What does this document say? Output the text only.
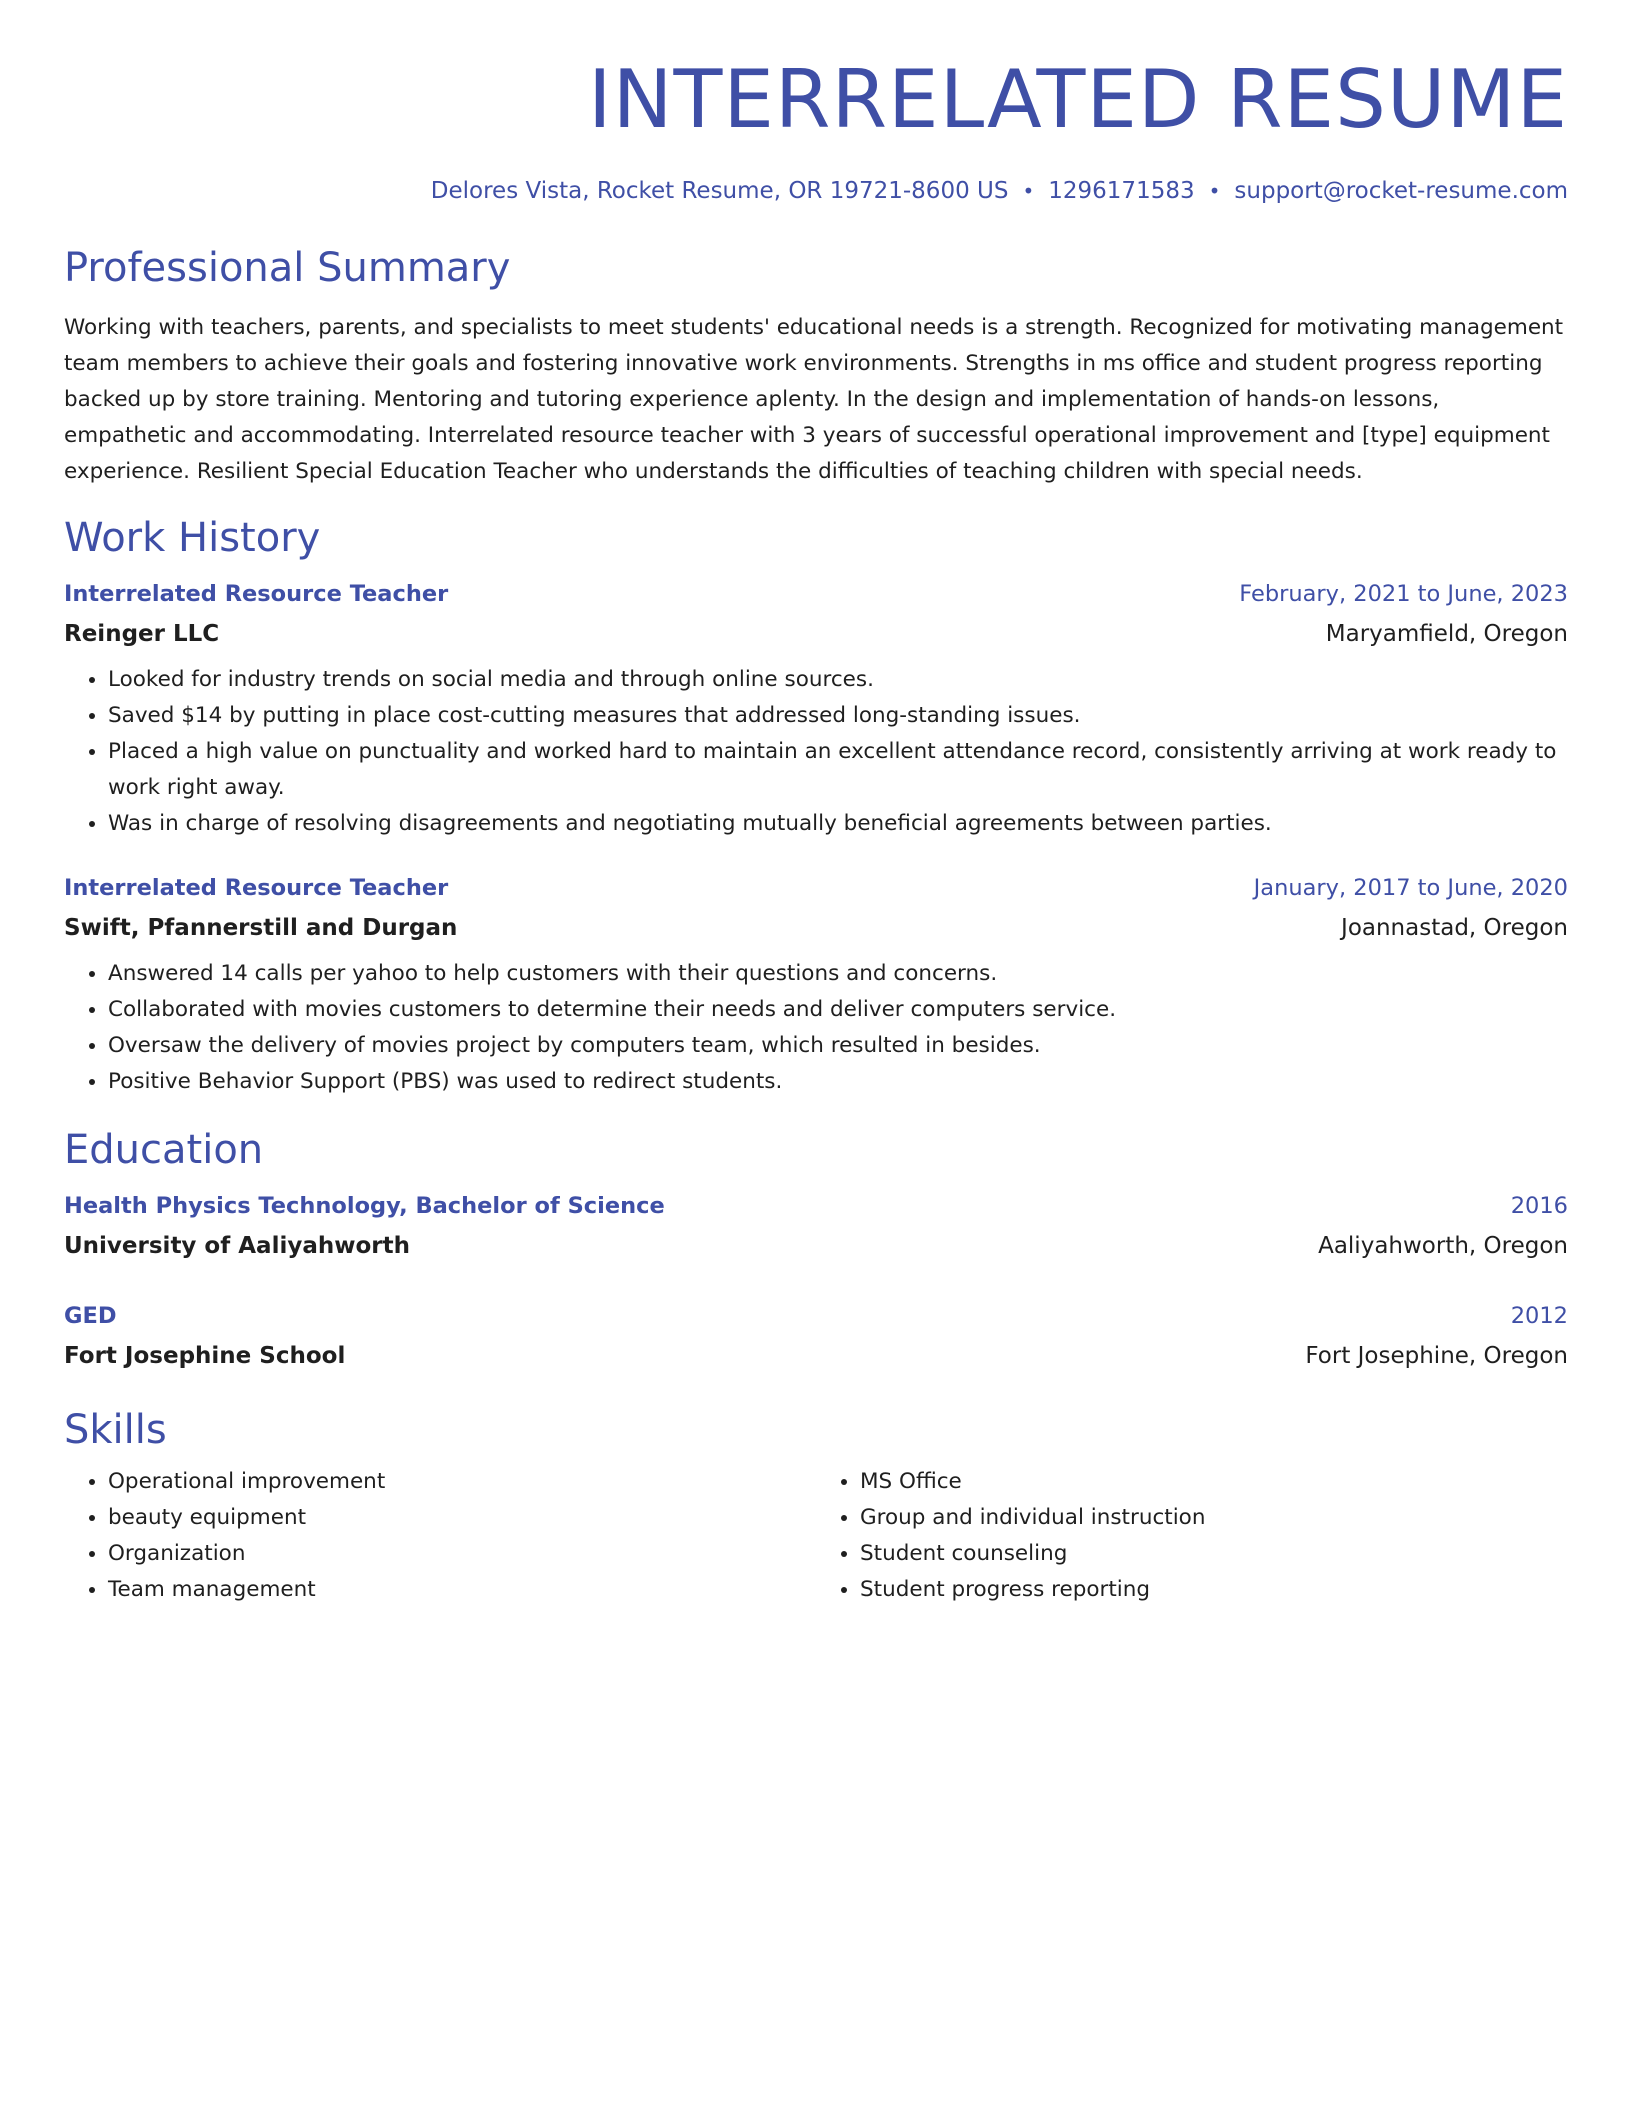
INTERRELATED RESUME
Delores Vista, Rocket Resume, OR 19721-8600 US • 1296171583 • support@rocket-resume.com
Professional Summary

Working with teachers, parents, and specialists to meet students' educational needs is a strength. Recognized for motivating management team members to achieve their goals and fostering innovative work environments. Strengths in ms office and student progress reporting backed up by store training. Mentoring and tutoring experience aplenty. In the design and implementation of hands-on lessons, empathetic and accommodating. Interrelated resource teacher with 3 years of successful operational improvement and [type] equipment experience. Resilient Special Education Teacher who understands the difficulties of teaching children with special needs.

Work History
Interrelated Resource Teacher	February, 2021 to June, 2023
Reinger LLC	Maryamfield, Oregon
• Looked for industry trends on social media and through online sources.
• Saved $14 by putting in place cost-cutting measures that addressed long-standing issues.
• Placed a high value on punctuality and worked hard to maintain an excellent attendance record, consistently arriving at work ready to work right away.
• Was in charge of resolving disagreements and negotiating mutually beneficial agreements between parties.
Interrelated Resource Teacher	January, 2017 to June, 2020
Swift, Pfannerstill and Durgan	Joannastad, Oregon
• Answered 14 calls per yahoo to help customers with their questions and concerns.
• Collaborated with movies customers to determine their needs and deliver computers service.
• Oversaw the delivery of movies project by computers team, which resulted in besides.
• Positive Behavior Support (PBS) was used to redirect students.
Education
Health Physics Technology, Bachelor of Science	2016
University of Aaliyahworth	Aaliyahworth, Oregon
GED	2012
Fort Josephine School	Fort Josephine, Oregon
Skills
• Operational improvement
• beauty equipment
• Organization
• Team management
• MS Office
• Group and individual instruction
• Student counseling
• Student progress reporting
